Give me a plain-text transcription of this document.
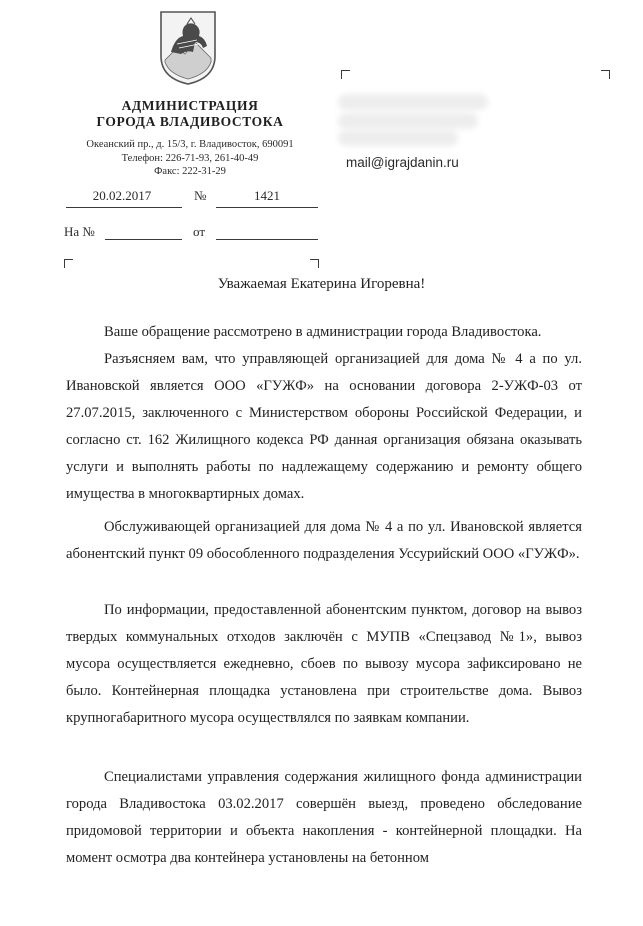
АДМИНИСТРАЦИЯ
ГОРОДА ВЛАДИВОСТОКА
Океанский пр., д. 15/3, г. Владивосток, 690091
Телефон: 226-71-93, 261-40-49
Факс: 222-31-29
20.02.2017	№	1421
На №	от
mail@igrajdanin.ru
Уважаемая Екатерина Игоревна!
Ваше обращение рассмотрено в администрации города Владивостока.
Разъясняем вам, что управляющей организацией для дома № 4 а по ул. Ивановской является ООО «ГУЖФ» на основании договора 2-УЖФ-03 от 27.07.2015, заключенного с Министерством обороны Российской Федерации, и согласно ст. 162 Жилищного кодекса РФ данная организация обязана оказывать услуги и выполнять работы по надлежащему содержанию и ремонту общего имущества в многоквартирных домах.
Обслуживающей организацией для дома № 4 а по ул. Ивановской является абонентский пункт 09 обособленного подразделения Уссурийский ООО «ГУЖФ».
По информации, предоставленной абонентским пунктом, договор на вывоз твердых коммунальных отходов заключён с МУПВ «Спецзавод №1», вывоз мусора осуществляется ежедневно, сбоев по вывозу мусора зафиксировано не было. Контейнерная площадка установлена при строительстве дома. Вывоз крупногабаритного мусора осуществлялся по заявкам компании.
Специалистами управления содержания жилищного фонда администрации города Владивостока 03.02.2017 совершён выезд, проведено обследование придомовой территории и объекта накопления - контейнерной площадки. На момент осмотра два контейнера установлены на бетонном
